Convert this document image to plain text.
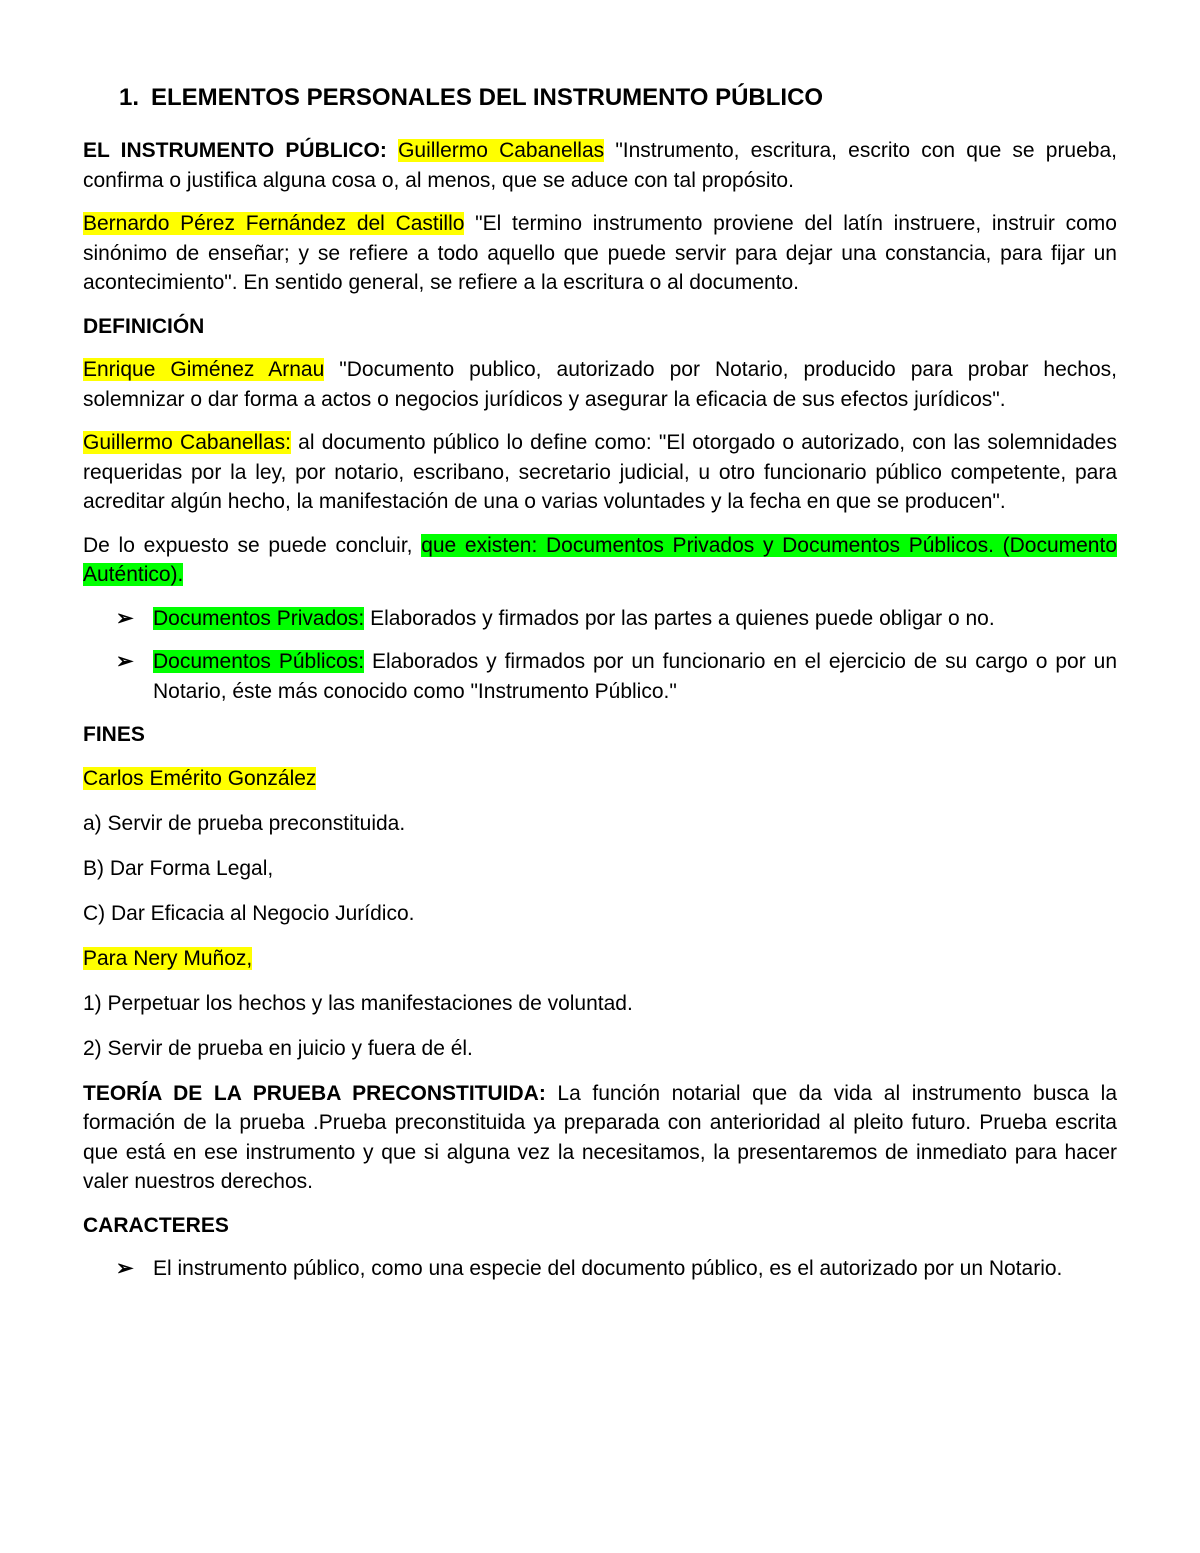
1. ELEMENTOS PERSONALES DEL INSTRUMENTO PÚBLICO

EL INSTRUMENTO PÚBLICO: Guillermo Cabanellas "Instrumento, escritura, escrito con que se prueba, confirma o justifica alguna cosa o, al menos, que se aduce con tal propósito.

Bernardo Pérez Fernández del Castillo "El termino instrumento proviene del latín instruere, instruir como sinónimo de enseñar; y se refiere a todo aquello que puede servir para dejar una constancia, para fijar un acontecimiento". En sentido general, se refiere a la escritura o al documento.

DEFINICIÓN

Enrique Giménez Arnau "Documento publico, autorizado por Notario, producido para probar hechos, solemnizar o dar forma a actos o negocios jurídicos y asegurar la eficacia de sus efectos jurídicos".

Guillermo Cabanellas: al documento público lo define como: "El otorgado o autorizado, con las solemnidades requeridas por la ley, por notario, escribano, secretario judicial, u otro funcionario público competente, para acreditar algún hecho, la manifestación de una o varias voluntades y la fecha en que se producen".

De lo expuesto se puede concluir, que existen: Documentos Privados y Documentos Públicos. (Documento Auténtico).

➢ Documentos Privados: Elaborados y firmados por las partes a quienes puede obligar o no.
➢ Documentos Públicos: Elaborados y firmados por un funcionario en el ejercicio de su cargo o por un Notario, éste más conocido como "Instrumento Público."
FINES
Carlos Emérito González
a) Servir de prueba preconstituida.
B) Dar Forma Legal,
C) Dar Eficacia al Negocio Jurídico.
Para Nery Muñoz,
1) Perpetuar los hechos y las manifestaciones de voluntad.
2) Servir de prueba en juicio y fuera de él.

TEORÍA DE LA PRUEBA PRECONSTITUIDA: La función notarial que da vida al instrumento busca la formación de la prueba .Prueba preconstituida ya preparada con anterioridad al pleito futuro. Prueba escrita que está en ese instrumento y que si alguna vez la necesitamos, la presentaremos de inmediato para hacer valer nuestros derechos.

CARACTERES
➢ El instrumento público, como una especie del documento público, es el autorizado por un Notario.
